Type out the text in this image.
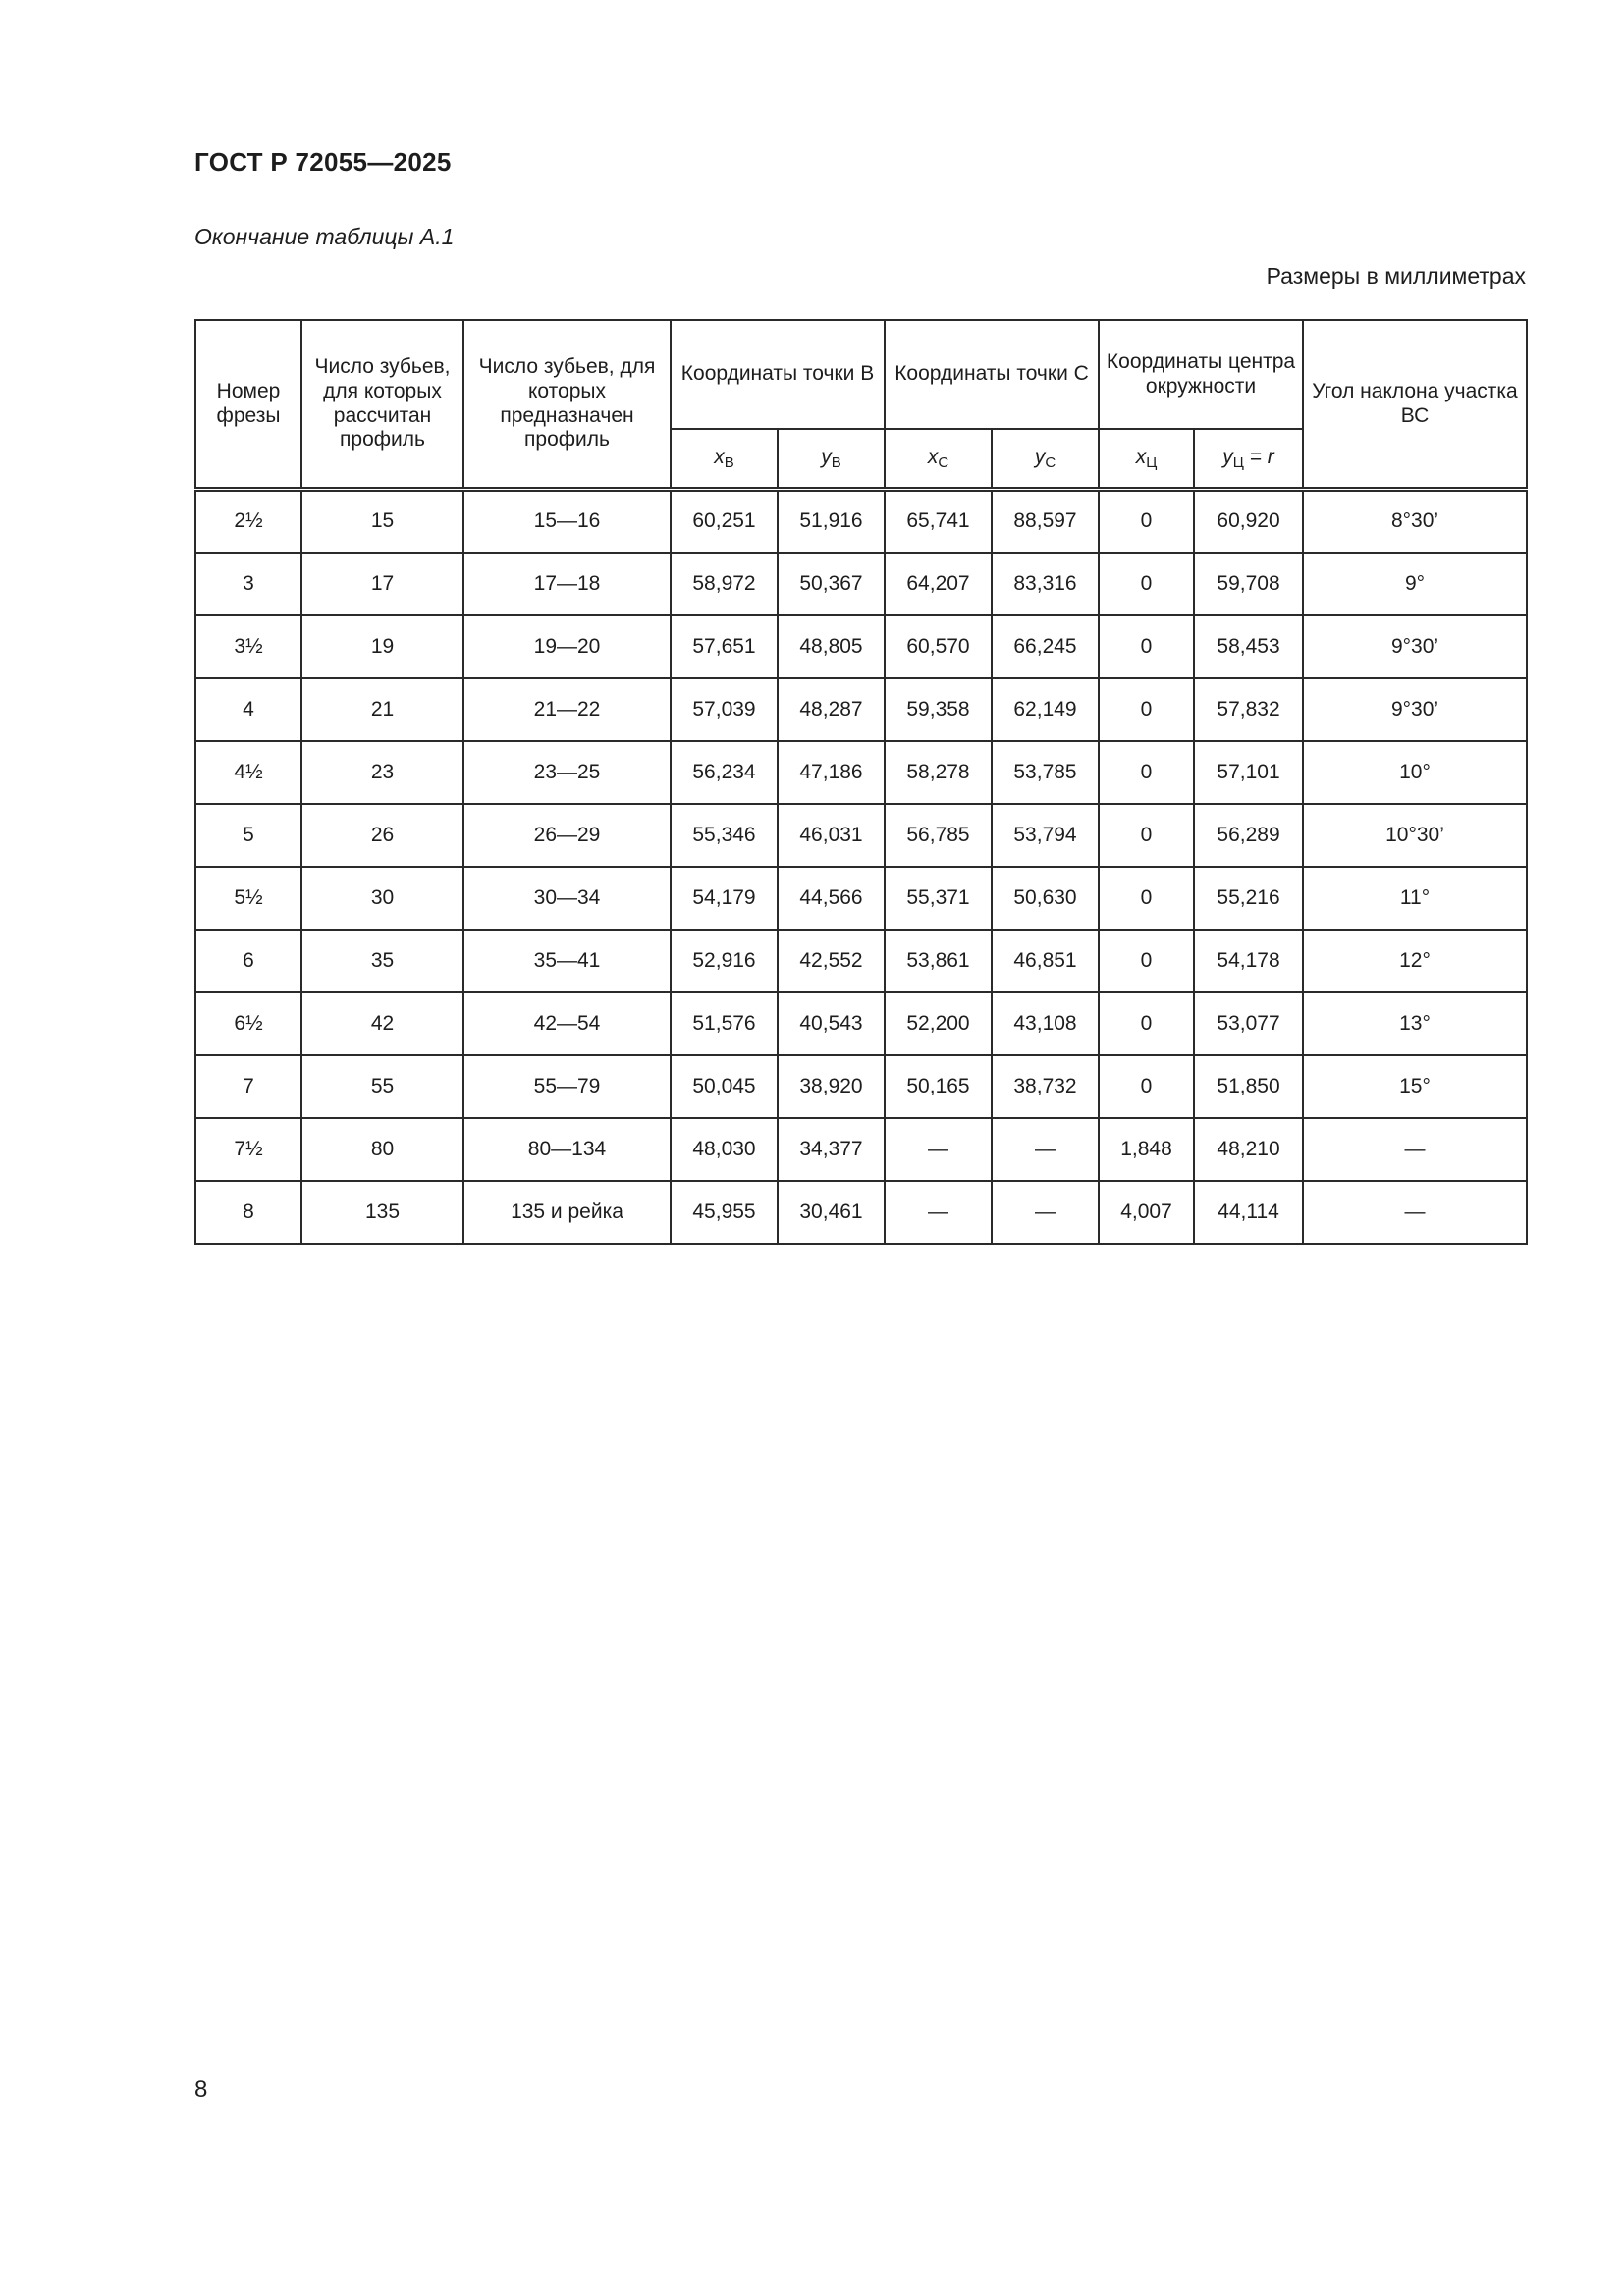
ГОСТ Р 72055—2025
Окончание таблицы А.1
Размеры в миллиметрах
Номер фрезы	Число зубьев, для которых рассчитан профиль	Число зубьев, для которых предназначен профиль	Координаты точки В		Координаты точки С		Координаты центра окружности		Угол наклона участка ВС
			$x_В$	$y_В$	$x_С$	$y_С$	$x_Ц$	$y_Ц = r$	
2½	15	15—16	60,251	51,916	65,741	88,597	0	60,920	8°30’
3	17	17—18	58,972	50,367	64,207	83,316	0	59,708	9°
3½	19	19—20	57,651	48,805	60,570	66,245	0	58,453	9°30’
4	21	21—22	57,039	48,287	59,358	62,149	0	57,832	9°30’
4½	23	23—25	56,234	47,186	58,278	53,785	0	57,101	10°
5	26	26—29	55,346	46,031	56,785	53,794	0	56,289	10°30’
5½	30	30—34	54,179	44,566	55,371	50,630	0	55,216	11°
6	35	35—41	52,916	42,552	53,861	46,851	0	54,178	12°
6½	42	42—54	51,576	40,543	52,200	43,108	0	53,077	13°
7	55	55—79	50,045	38,920	50,165	38,732	0	51,850	15°
7½	80	80—134	48,030	34,377	—	—	1,848	48,210	—
8	135	135 и рейка	45,955	30,461	—	—	4,007	44,114	—
8
